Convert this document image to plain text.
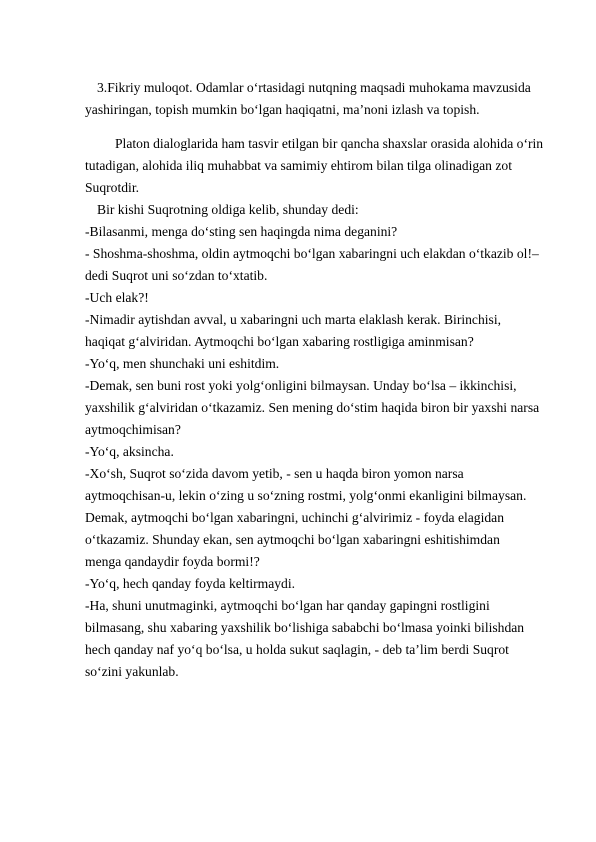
3.Fikriy muloqot. Odamlar o‘rtasidagi nutqning maqsadi muhokama mavzusida
yashiringan, topish mumkin bo‘lgan haqiqatni, ma’noni izlash va topish.
Platon dialoglarida ham tasvir etilgan bir qancha shaxslar orasida alohida o‘rin
tutadigan, alohida iliq muhabbat va samimiy ehtirom bilan tilga olinadigan zot
Suqrotdir.
Bir kishi Suqrotning oldiga kelib, shunday dedi:
-Bilasanmi, menga do‘sting sen haqingda nima deganini?
- Shoshma-shoshma, oldin aytmoqchi bo‘lgan xabaringni uch elakdan o‘tkazib ol!–
dedi Suqrot uni so‘zdan to‘xtatib.
-Uch elak?!
-Nimadir aytishdan avval, u xabaringni uch marta elaklash kerak. Birinchisi,
haqiqat g‘alviridan. Aytmoqchi bo‘lgan xabaring rostligiga aminmisan?
-Yo‘q, men shunchaki uni eshitdim.
-Demak, sen buni rost yoki yolg‘onligini bilmaysan. Unday bo‘lsa – ikkinchisi,
yaxshilik g‘alviridan o‘tkazamiz. Sen mening do‘stim haqida biron bir yaxshi narsa
aytmoqchimisan?
-Yo‘q, aksincha.
-Xo‘sh, Suqrot so‘zida davom yetib, - sen u haqda biron yomon narsa
aytmoqchisan-u, lekin o‘zing u so‘zning rostmi, yolg‘onmi ekanligini bilmaysan.
Demak, aytmoqchi bo‘lgan xabaringni, uchinchi g‘alvirimiz - foyda elagidan
o‘tkazamiz. Shunday ekan, sen aytmoqchi bo‘lgan xabaringni eshitishimdan
menga qandaydir foyda bormi!?
-Yo‘q, hech qanday foyda keltirmaydi.
-Ha, shuni unutmaginki, aytmoqchi bo‘lgan har qanday gapingni rostligini
bilmasang, shu xabaring yaxshilik bo‘lishiga sababchi bo‘lmasa yoinki bilishdan
hech qanday naf yo‘q bo‘lsa, u holda sukut saqlagin, - deb ta’lim berdi Suqrot
so‘zini yakunlab.
